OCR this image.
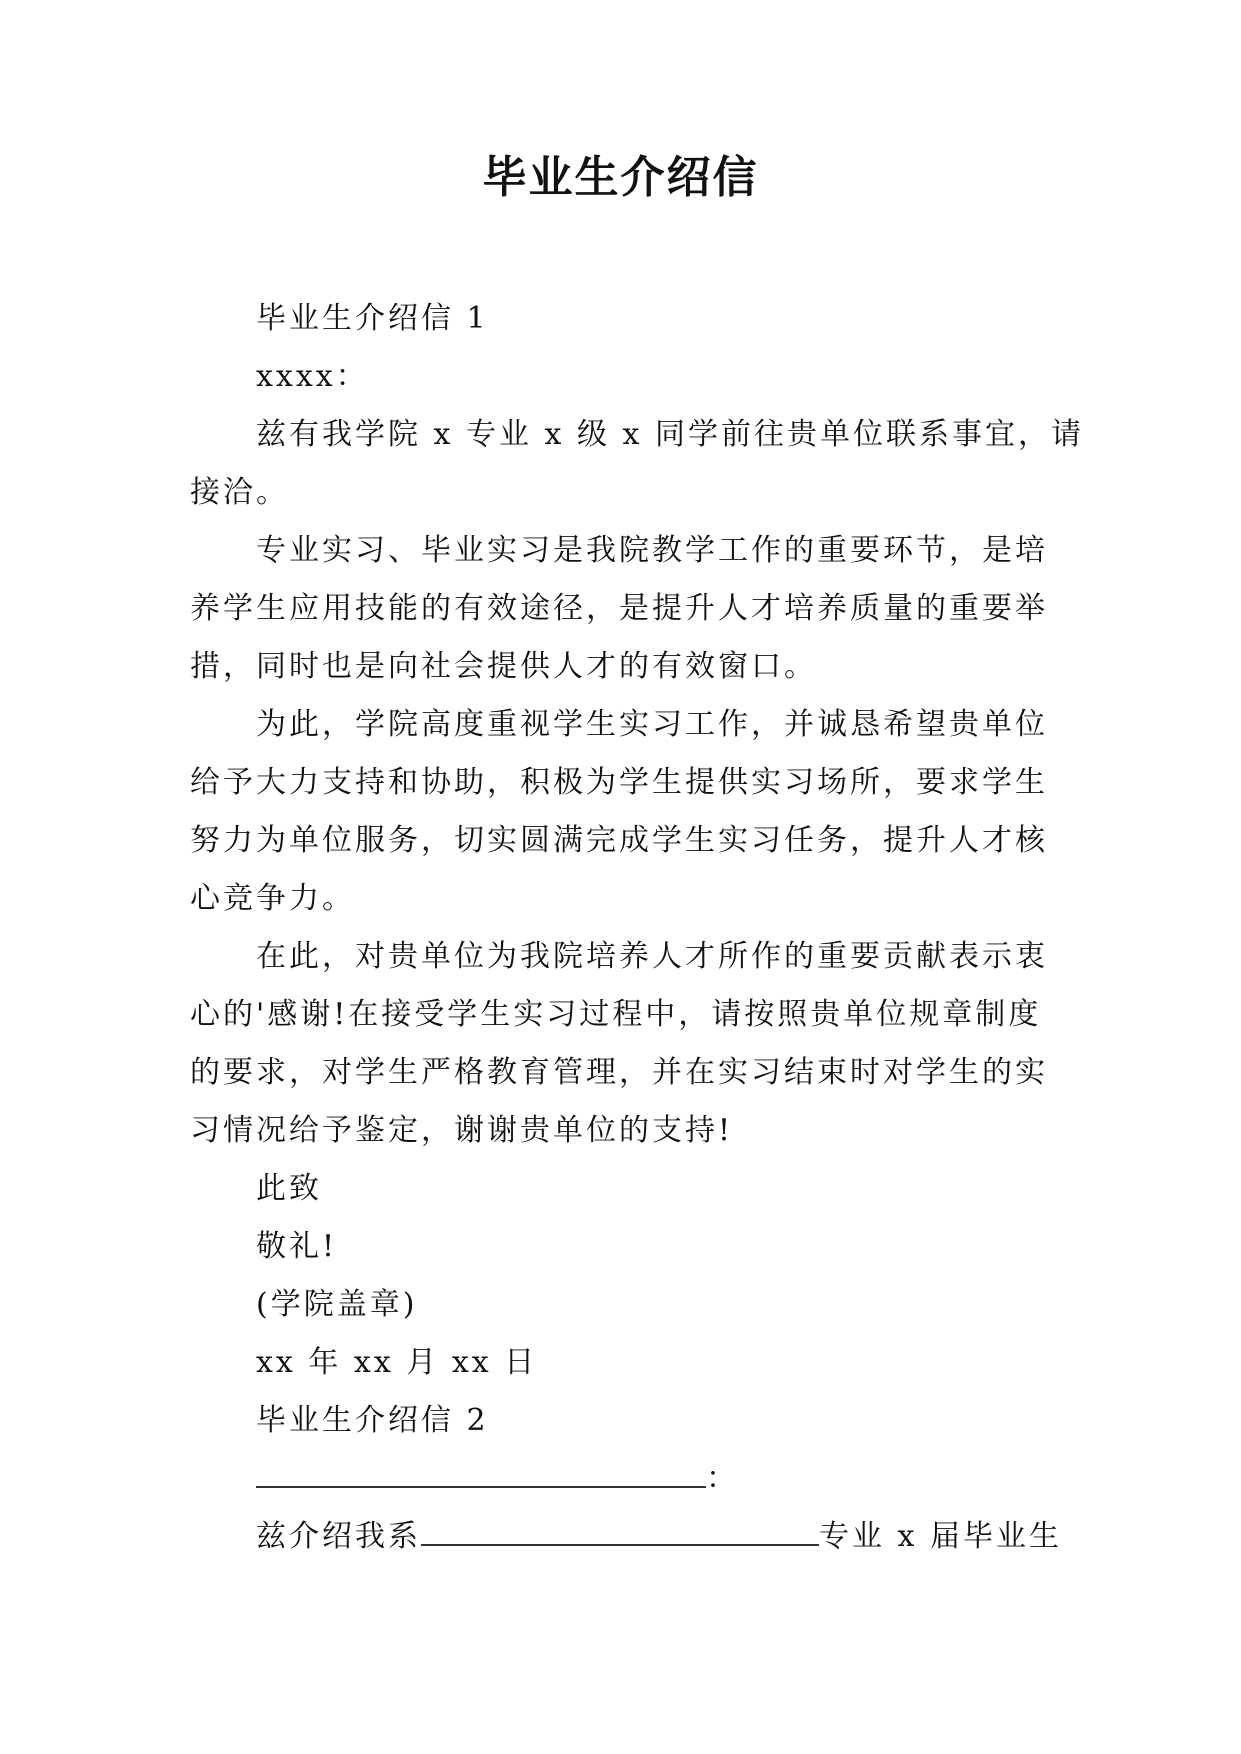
毕业生介绍信
毕业生介绍信 1
xxxx：
兹有我学院 x 专业 x 级 x 同学前往贵单位联系事宜，请
接洽。
专业实习、毕业实习是我院教学工作的重要环节，是培
养学生应用技能的有效途径，是提升人才培养质量的重要举
措，同时也是向社会提供人才的有效窗口。
为此，学院高度重视学生实习工作，并诚恳希望贵单位
给予大力支持和协助，积极为学生提供实习场所，要求学生
努力为单位服务，切实圆满完成学生实习任务，提升人才核
心竞争力。
在此，对贵单位为我院培养人才所作的重要贡献表示衷
心的'感谢!在接受学生实习过程中，请按照贵单位规章制度
的要求，对学生严格教育管理，并在实习结束时对学生的实
习情况给予鉴定，谢谢贵单位的支持!
此致
敬礼!
(学院盖章)
xx 年 xx 月 xx 日
毕业生介绍信 2
：
兹介绍我系	专业 x 届毕业生
